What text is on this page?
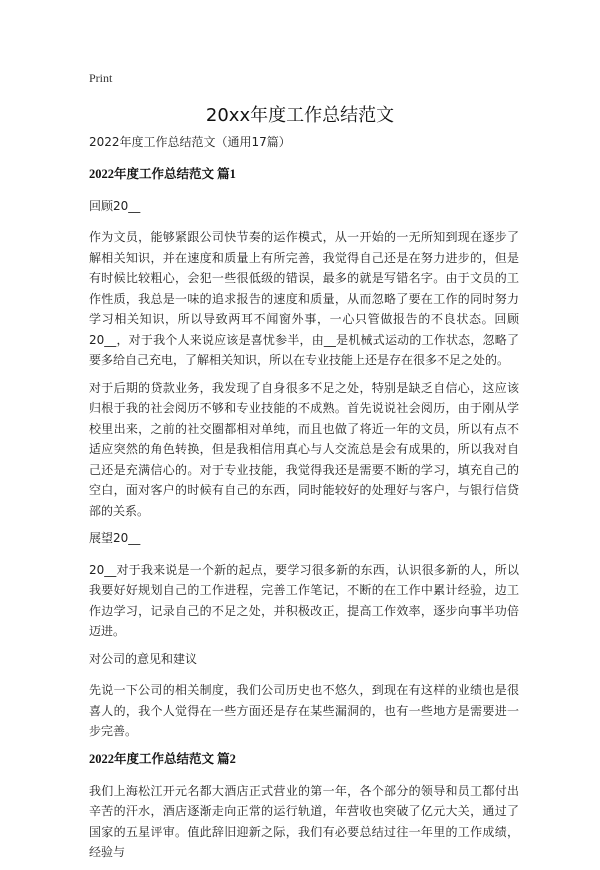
Print
20xx年度工作总结范文

2022年度工作总结范文（通用17篇）

2022年度工作总结范文 篇1

回顾20__

作为文员，能够紧跟公司快节奏的运作模式，从一开始的一无所知到现在逐步了解相关知识，并在速度和质量上有所完善，我觉得自己还是在努力进步的，但是有时候比较粗心，会犯一些很低级的错误，最多的就是写错名字。由于文员的工作性质，我总是一味的追求报告的速度和质量，从而忽略了要在工作的同时努力学习相关知识，所以导致两耳不闻窗外事，一心只管做报告的不良状态。回顾20__，对于我个人来说应该是喜忧参半，由__是机械式运动的工作状态，忽略了要多给自己充电，了解相关知识，所以在专业技能上还是存在很多不足之处的。

对于后期的贷款业务，我发现了自身很多不足之处，特别是缺乏自信心，这应该归根于我的社会阅历不够和专业技能的不成熟。首先说说社会阅历，由于刚从学校里出来，之前的社交圈都相对单纯，而且也做了将近一年的文员，所以有点不适应突然的角色转换，但是我相信用真心与人交流总是会有成果的，所以我对自己还是充满信心的。对于专业技能，我觉得我还是需要不断的学习，填充自己的空白，面对客户的时候有自己的东西，同时能较好的处理好与客户，与银行信贷部的关系。

展望20__

20__对于我来说是一个新的起点，要学习很多新的东西，认识很多新的人，所以我要好好规划自己的工作进程，完善工作笔记，不断的在工作中累计经验，边工作边学习，记录自己的不足之处，并积极改正，提高工作效率，逐步向事半功倍迈进。

对公司的意见和建议

先说一下公司的相关制度，我们公司历史也不悠久，到现在有这样的业绩也是很喜人的，我个人觉得在一些方面还是存在某些漏洞的，也有一些地方是需要进一步完善。

2022年度工作总结范文 篇2

我们上海松江开元名都大酒店正式营业的第一年，各个部分的领导和员工都付出辛苦的汗水，酒店逐渐走向正常的运行轨道，年营收也突破了亿元大关，通过了国家的五星评审。值此辞旧迎新之际，我们有必要总结过往一年里的工作成绩，经验与
